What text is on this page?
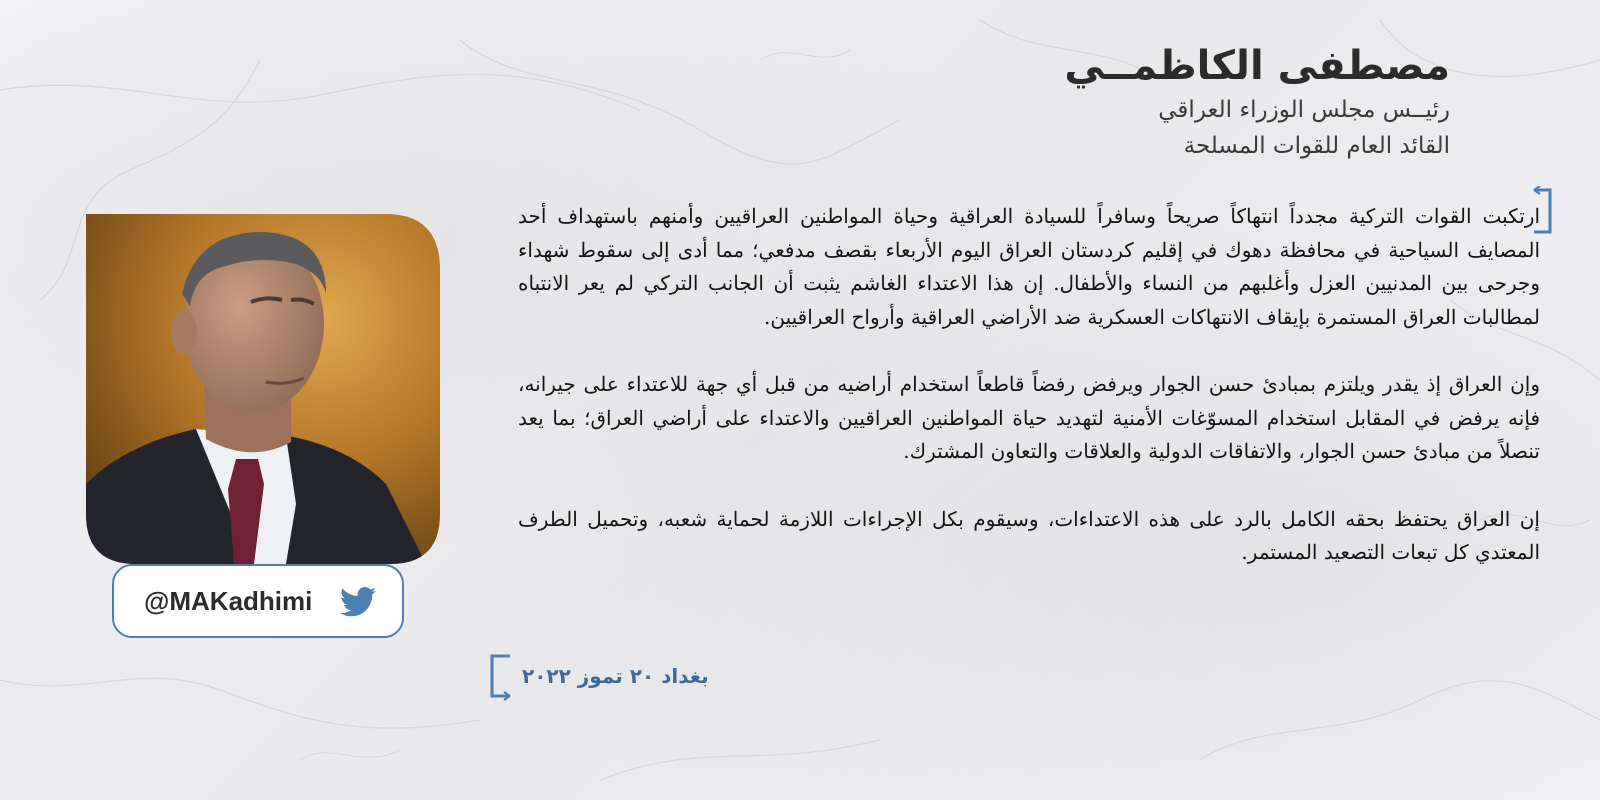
مصطفى الكاظمــي
رئيــس مجلس الوزراء العراقي
القائد العام للقوات المسلحة

ارتكبت القوات التركية مجدداً انتهاكاً صريحاً وسافراً للسيادة العراقية وحياة المواطنين العراقيين وأمنهم باستهداف أحد المصايف السياحية في محافظة دهوك في إقليم كردستان العراق اليوم الأربعاء بقصف مدفعي؛ مما أدى إلى سقوط شهداء وجرحى بين المدنيين العزل وأغلبهم من النساء والأطفال. إن هذا الاعتداء الغاشم يثبت أن الجانب التركي لم يعر الانتباه لمطالبات العراق المستمرة بإيقاف الانتهاكات العسكرية ضد الأراضي العراقية وأرواح العراقيين.

وإن العراق إذ يقدر ويلتزم بمبادئ حسن الجوار ويرفض رفضاً قاطعاً استخدام أراضيه من قبل أي جهة للاعتداء على جيرانه، فإنه يرفض في المقابل استخدام المسوّغات الأمنية لتهديد حياة المواطنين العراقيين والاعتداء على أراضي العراق؛ بما يعد تنصلاً من مبادئ حسن الجوار، والاتفاقات الدولية والعلاقات والتعاون المشترك.

إن العراق يحتفظ بحقه الكامل بالرد على هذه الاعتداءات، وسيقوم بكل الإجراءات اللازمة لحماية شعبه، وتحميل الطرف المعتدي كل تبعات التصعيد المستمر.

بغداد ٢٠ تموز ٢٠٢٢
@MAKadhimi
